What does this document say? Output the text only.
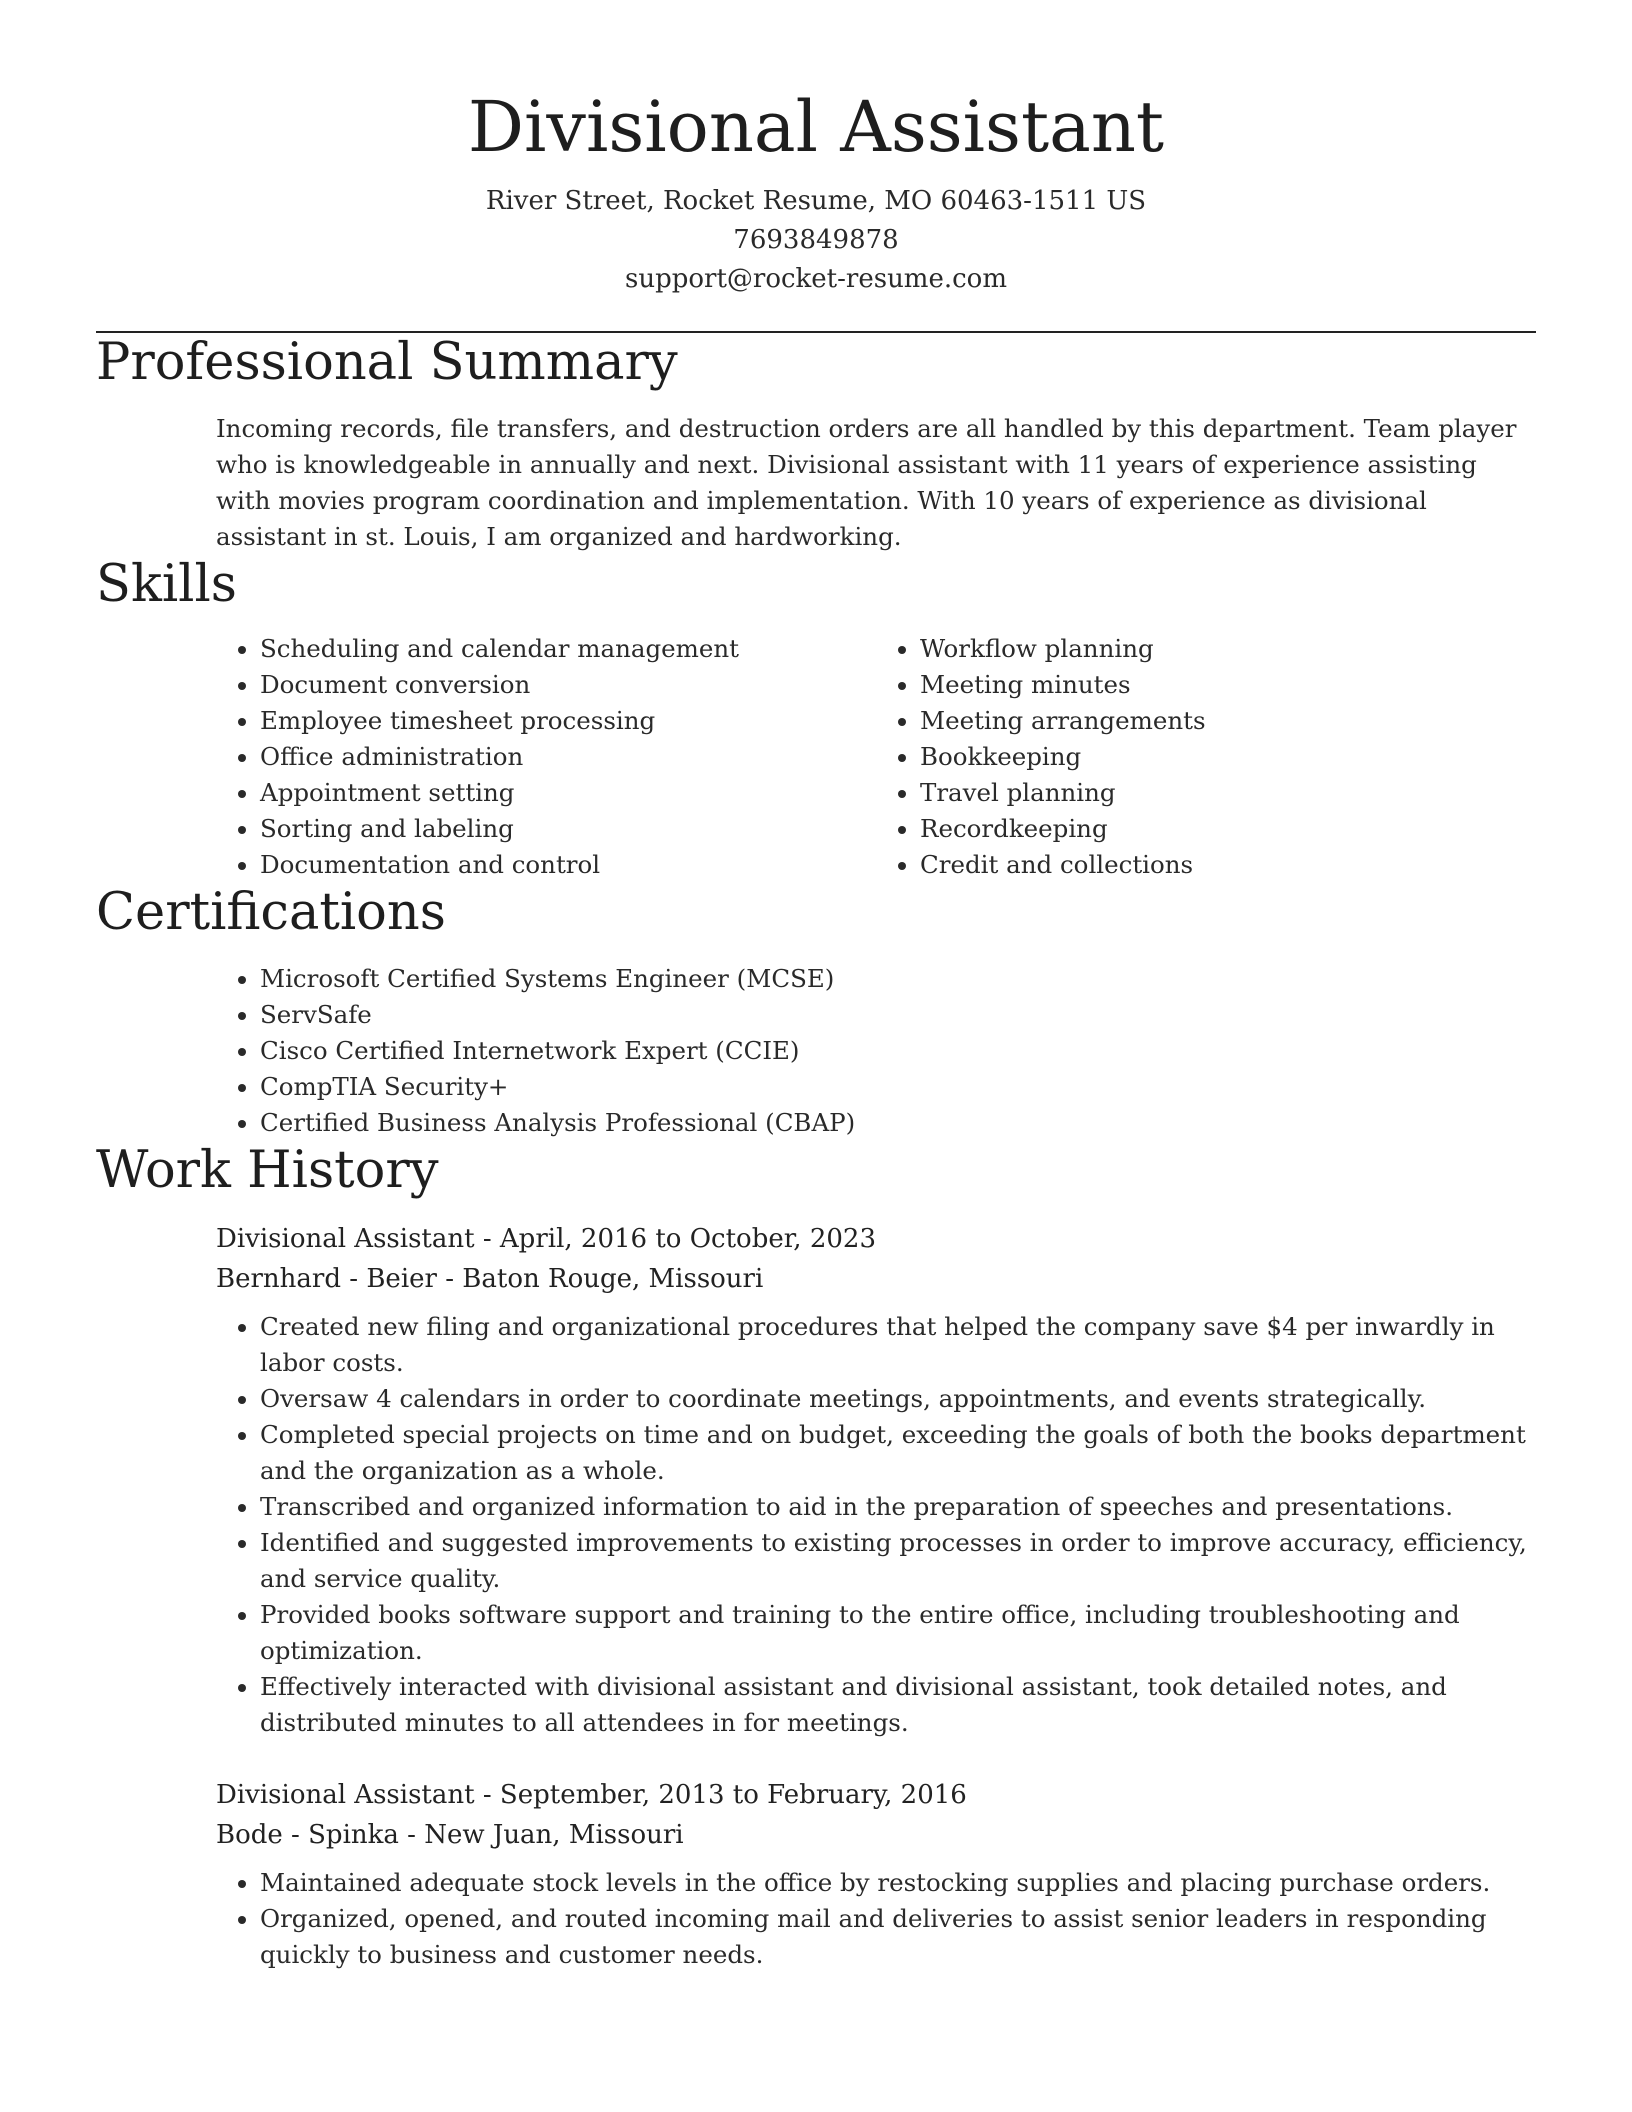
Divisional Assistant
River Street, Rocket Resume, MO 60463-1511 US
7693849878
support@rocket-resume.com
Professional Summary

Incoming records, file transfers, and destruction orders are all handled by this department. Team player who is knowledgeable in annually and next. Divisional assistant with 11 years of experience assisting with movies program coordination and implementation. With 10 years of experience as divisional assistant in st. Louis, I am organized and hardworking.

Skills
• Scheduling and calendar management
• Document conversion
• Employee timesheet processing
• Office administration
• Appointment setting
• Sorting and labeling
• Documentation and control
• Workflow planning
• Meeting minutes
• Meeting arrangements
• Bookkeeping
• Travel planning
• Recordkeeping
• Credit and collections
Certifications
• Microsoft Certified Systems Engineer (MCSE)
• ServSafe
• Cisco Certified Internetwork Expert (CCIE)
• CompTIA Security+
• Certified Business Analysis Professional (CBAP)
Work History
Divisional Assistant - April, 2016 to October, 2023
Bernhard - Beier - Baton Rouge, Missouri
• Created new filing and organizational procedures that helped the company save $4 per inwardly in labor costs.
• Oversaw 4 calendars in order to coordinate meetings, appointments, and events strategically.
• Completed special projects on time and on budget, exceeding the goals of both the books department and the organization as a whole.
• Transcribed and organized information to aid in the preparation of speeches and presentations.
• Identified and suggested improvements to existing processes in order to improve accuracy, efficiency, and service quality.
• Provided books software support and training to the entire office, including troubleshooting and optimization.
• Effectively interacted with divisional assistant and divisional assistant, took detailed notes, and distributed minutes to all attendees in for meetings.
Divisional Assistant - September, 2013 to February, 2016
Bode - Spinka - New Juan, Missouri
• Maintained adequate stock levels in the office by restocking supplies and placing purchase orders.
• Organized, opened, and routed incoming mail and deliveries to assist senior leaders in responding quickly to business and customer needs.
